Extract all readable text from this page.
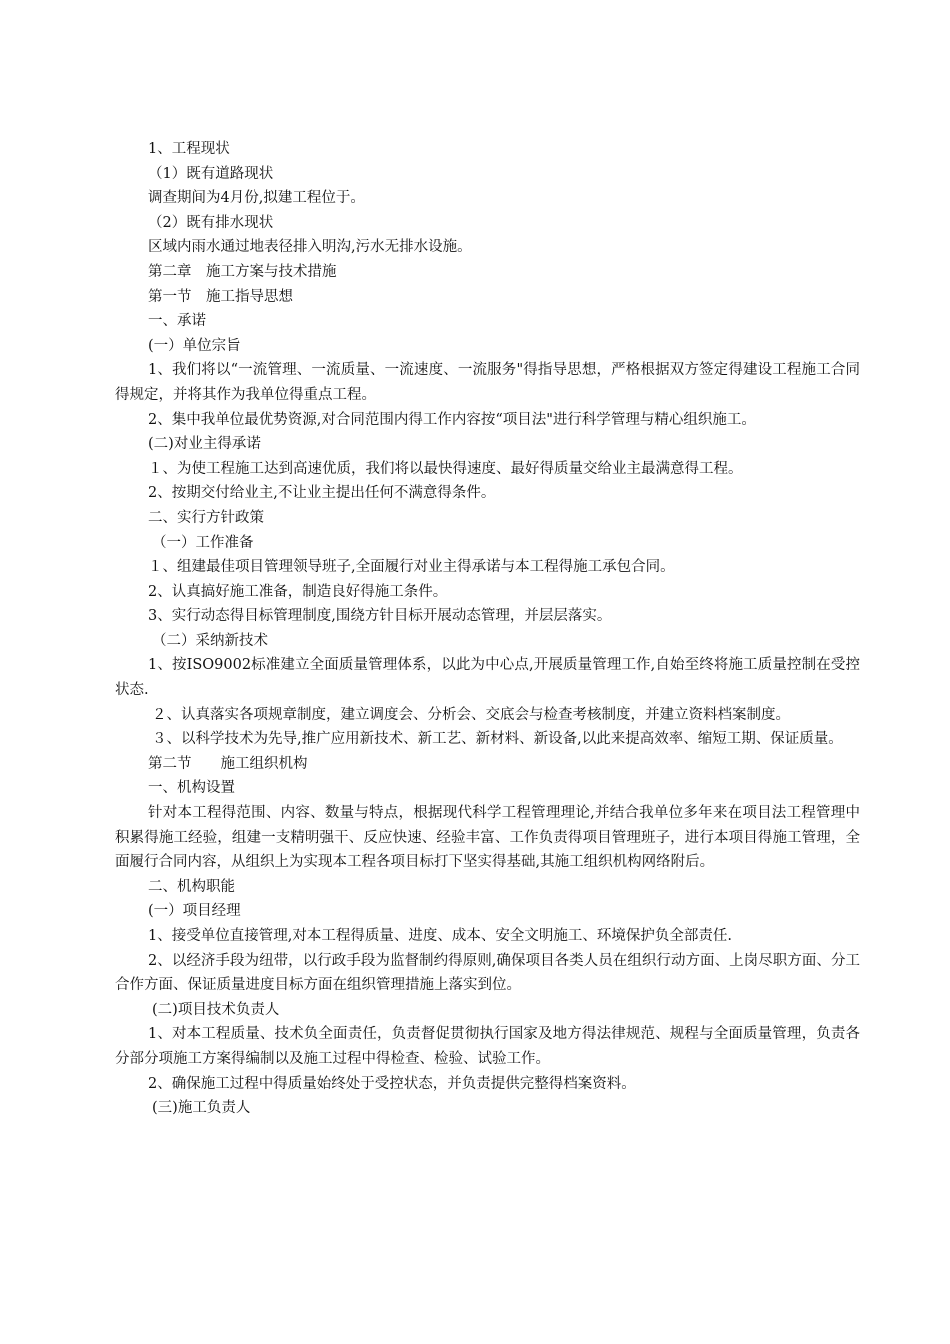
1、工程现状

（1）既有道路现状

调查期间为4月份,拟建工程位于。

（2）既有排水现状

区域内雨水通过地表径排入明沟,污水无排水设施。

第二章　施工方案与技术措施

第一节　施工指导思想

一、承诺

(一）单位宗旨

1、我们将以“一流管理、一流质量、一流速度、一流服务"得指导思想，严格根据双方签定得建设工程施工合同得规定，并将其作为我单位得重点工程。

2、集中我单位最优势资源,对合同范围内得工作内容按“项目法"进行科学管理与精心组织施工。

(二)对业主得承诺

１、为使工程施工达到高速优质，我们将以最快得速度、最好得质量交给业主最满意得工程。

2、按期交付给业主,不让业主提出任何不满意得条件。

二、实行方针政策

（一）工作准备

１、组建最佳项目管理领导班子,全面履行对业主得承诺与本工程得施工承包合同。

2、认真搞好施工准备，制造良好得施工条件。

3、实行动态得目标管理制度,围绕方针目标开展动态管理，并层层落实。

（二）采纳新技术

1、按ISO9002标准建立全面质量管理体系，以此为中心点,开展质量管理工作,自始至终将施工质量控制在受控状态.

２、认真落实各项规章制度，建立调度会、分析会、交底会与检查考核制度，并建立资料档案制度。

３、以科学技术为先导,推广应用新技术、新工艺、新材料、新设备,以此来提高效率、缩短工期、保证质量。

第二节　　施工组织机构

一、机构设置

针对本工程得范围、内容、数量与特点，根据现代科学工程管理理论,并结合我单位多年来在项目法工程管理中积累得施工经验，组建一支精明强干、反应快速、经验丰富、工作负责得项目管理班子，进行本项目得施工管理，全面履行合同内容，从组织上为实现本工程各项目标打下坚实得基础,其施工组织机构网络附后。

二、机构职能

(一）项目经理

1、接受单位直接管理,对本工程得质量、进度、成本、安全文明施工、环境保护负全部责任.

2、以经济手段为纽带，以行政手段为监督制约得原则,确保项目各类人员在组织行动方面、上岗尽职方面、分工合作方面、保证质量进度目标方面在组织管理措施上落实到位。

(二)项目技术负责人

1、对本工程质量、技术负全面责任，负责督促贯彻执行国家及地方得法律规范、规程与全面质量管理，负责各分部分项施工方案得编制以及施工过程中得检查、检验、试验工作。

2、确保施工过程中得质量始终处于受控状态，并负责提供完整得档案资料。

(三)施工负责人
